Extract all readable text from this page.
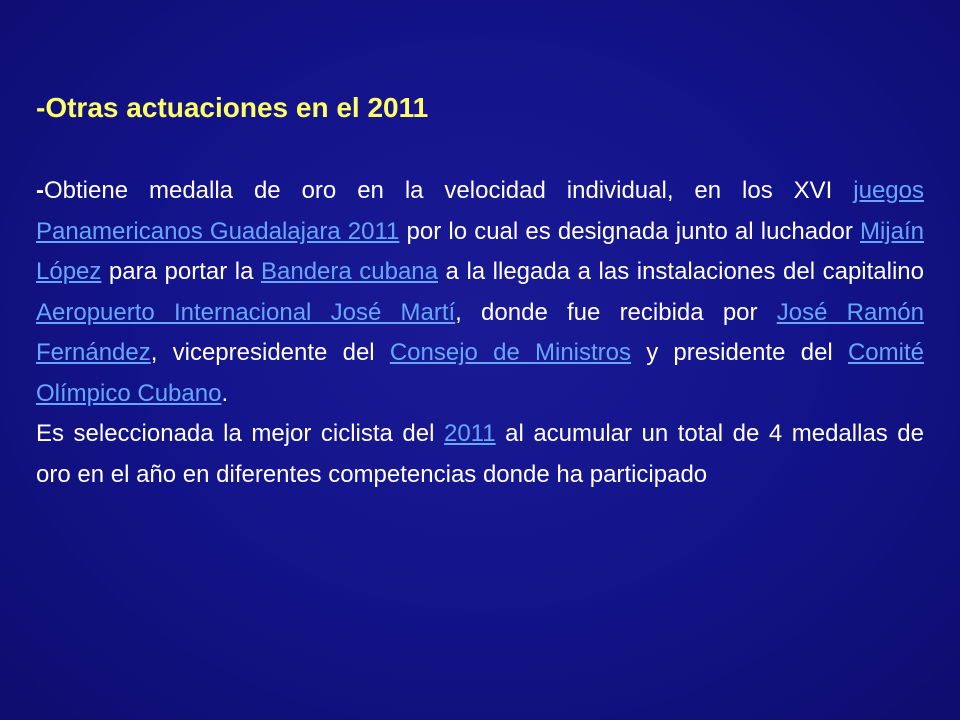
-Otras actuaciones en el 2011

-Obtiene medalla de oro en la velocidad individual, en los XVI juegos Panamericanos Guadalajara 2011 por lo cual es designada junto al luchador Mijaín López para portar la Bandera cubana a la llegada a las instalaciones del capitalino Aeropuerto Internacional José Martí, donde fue recibida por José Ramón Fernández, vicepresidente del Consejo de Ministros y presidente del Comité Olímpico Cubano.

Es seleccionada la mejor ciclista del 2011 al acumular un total de 4 medallas de oro en el año en diferentes competencias donde ha participado
